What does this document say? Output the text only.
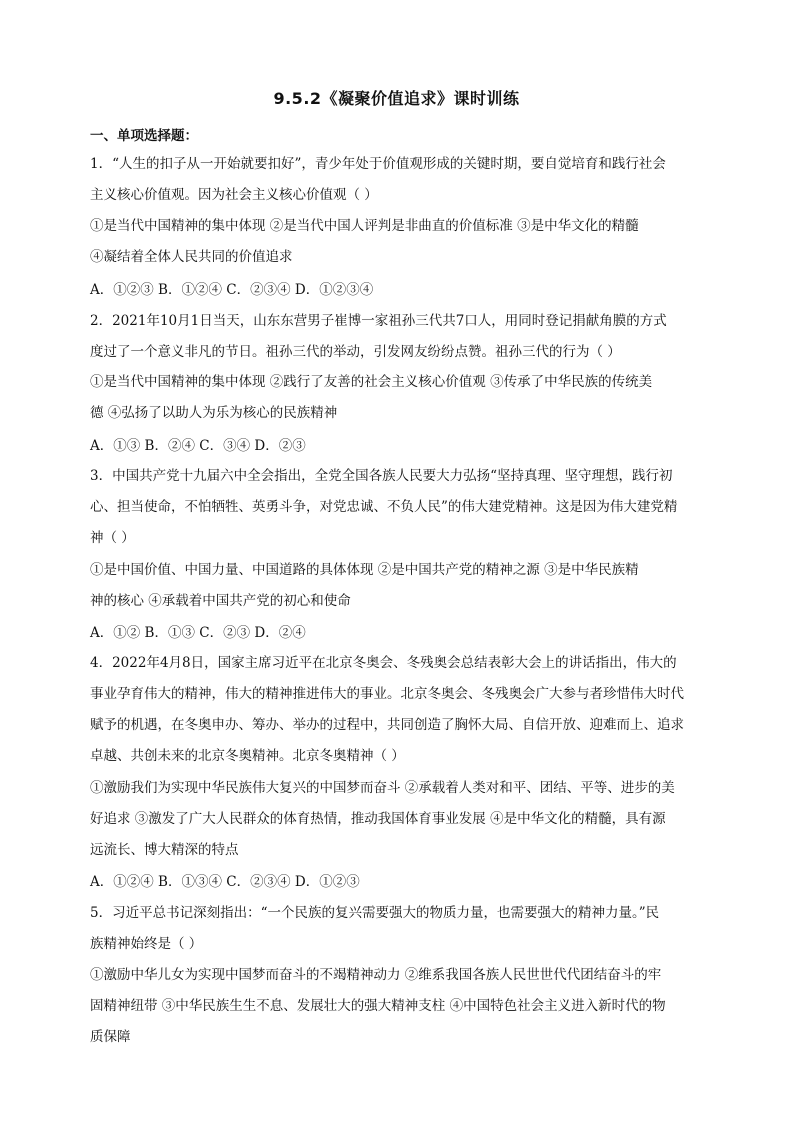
9.5.2《凝聚价值追求》课时训练
一、单项选择题：
1．“人生的扣子从一开始就要扣好”，青少年处于价值观形成的关键时期，要自觉培育和践行社会
主义核心价值观。因为社会主义核心价值观（ ）
①是当代中国精神的集中体现 ②是当代中国人评判是非曲直的价值标准 ③是中华文化的精髓
④凝结着全体人民共同的价值追求
A．①②③ B．①②④ C．②③④ D．①②③④
2．2021年10月1日当天，山东东营男子崔博一家祖孙三代共7口人，用同时登记捐献角膜的方式
度过了一个意义非凡的节日。祖孙三代的举动，引发网友纷纷点赞。祖孙三代的行为（ ）
①是当代中国精神的集中体现 ②践行了友善的社会主义核心价值观 ③传承了中华民族的传统美
德 ④弘扬了以助人为乐为核心的民族精神
A．①③ B．②④ C．③④ D．②③
3．中国共产党十九届六中全会指出，全党全国各族人民要大力弘扬“坚持真理、坚守理想，践行初
心、担当使命，不怕牺牲、英勇斗争，对党忠诚、不负人民”的伟大建党精神。这是因为伟大建党精
神（ ）
①是中国价值、中国力量、中国道路的具体体现 ②是中国共产党的精神之源 ③是中华民族精
神的核心 ④承载着中国共产党的初心和使命
A．①② B．①③ C．②③ D．②④
4．2022年4月8日，国家主席习近平在北京冬奥会、冬残奥会总结表彰大会上的讲话指出，伟大的
事业孕育伟大的精神，伟大的精神推进伟大的事业。北京冬奥会、冬残奥会广大参与者珍惜伟大时代
赋予的机遇，在冬奥申办、筹办、举办的过程中，共同创造了胸怀大局、自信开放、迎难而上、追求
卓越、共创未来的北京冬奥精神。北京冬奥精神（ ）
①激励我们为实现中华民族伟大复兴的中国梦而奋斗 ②承载着人类对和平、团结、平等、进步的美
好追求 ③激发了广大人民群众的体育热情，推动我国体育事业发展 ④是中华文化的精髓，具有源
远流长、博大精深的特点
A．①②④ B．①③④ C．②③④ D．①②③
5．习近平总书记深刻指出：“一个民族的复兴需要强大的物质力量，也需要强大的精神力量。”民
族精神始终是（ ）
①激励中华儿女为实现中国梦而奋斗的不竭精神动力 ②维系我国各族人民世世代代团结奋斗的牢
固精神纽带 ③中华民族生生不息、发展壮大的强大精神支柱 ④中国特色社会主义进入新时代的物
质保障
